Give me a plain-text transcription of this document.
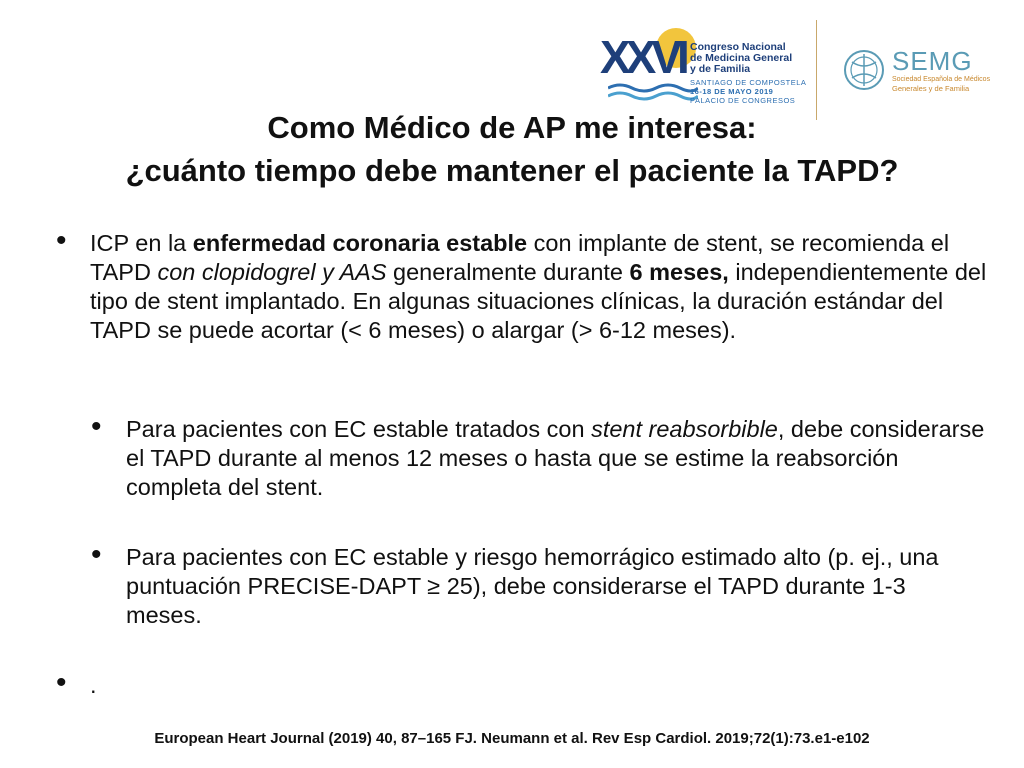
XXVI Congreso Nacional
de Medicina General
y de Familia
SANTIAGO DE COMPOSTELA
16-18 DE MAYO 2019
PALACIO DE CONGRESOS
SEMG
Sociedad Española de Médicos
Generales y de Familia
Como Médico de AP me interesa:
¿cuánto tiempo debe mantener el paciente la TAPD?
• ICP en la enfermedad coronaria estable con implante de stent, se recomienda el TAPD con clopidogrel y AAS generalmente durante 6 meses, independientemente del tipo de stent implantado. En algunas situaciones clínicas, la duración estándar del TAPD se puede acortar (< 6 meses) o alargar (> 6-12 meses).

• Para pacientes con EC estable tratados con stent reabsorbible, debe considerarse el TAPD durante al menos 12 meses o hasta que se estime la reabsorción completa del stent.

• Para pacientes con EC estable y riesgo hemorrágico estimado alto (p. ej., una puntuación PRECISE-DAPT ≥ 25), debe considerarse el TAPD durante 1-3 meses.

• .

European Heart Journal (2019) 40, 87–165 FJ. Neumann et al. Rev Esp Cardiol. 2019;72(1):73.e1-e102
